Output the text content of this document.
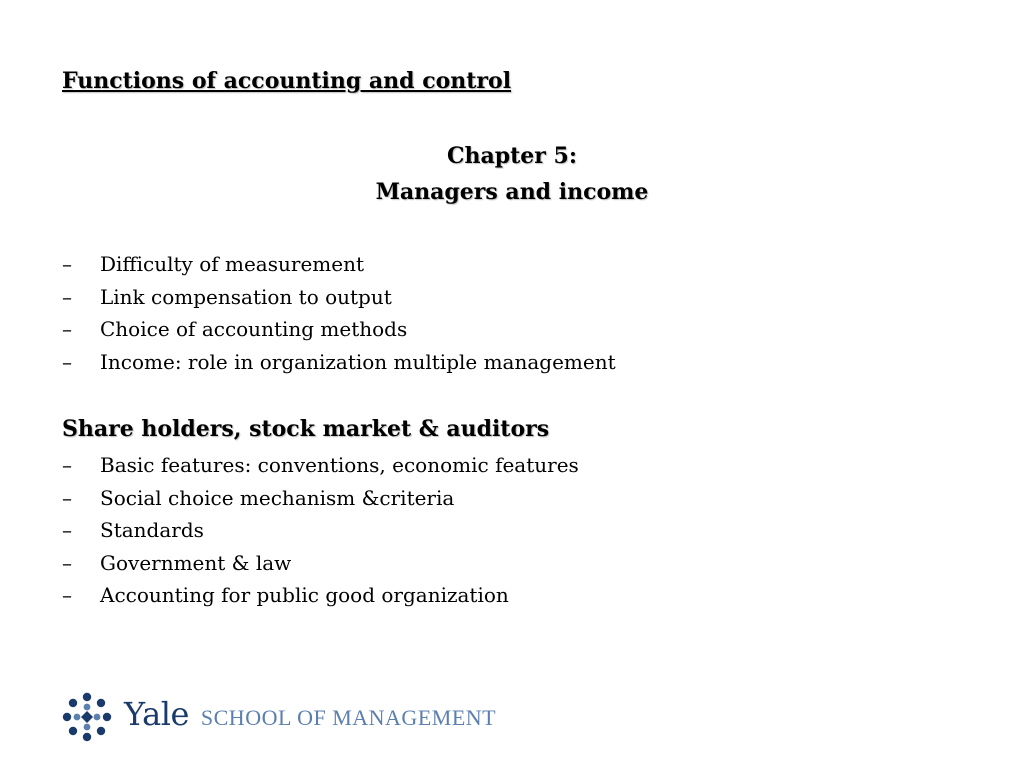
Functions of accounting and control
Chapter 5:
Managers and income
–	Difficulty of measurement
–	Link compensation to output
–	Choice of accounting methods
–	Income: role in organization multiple management
Share holders, stock market & auditors
–	Basic features: conventions, economic features
–	Social choice mechanism &criteria
–	Standards
–	Government & law
–	Accounting for public good organization
Yale SCHOOL OF MANAGEMENT
